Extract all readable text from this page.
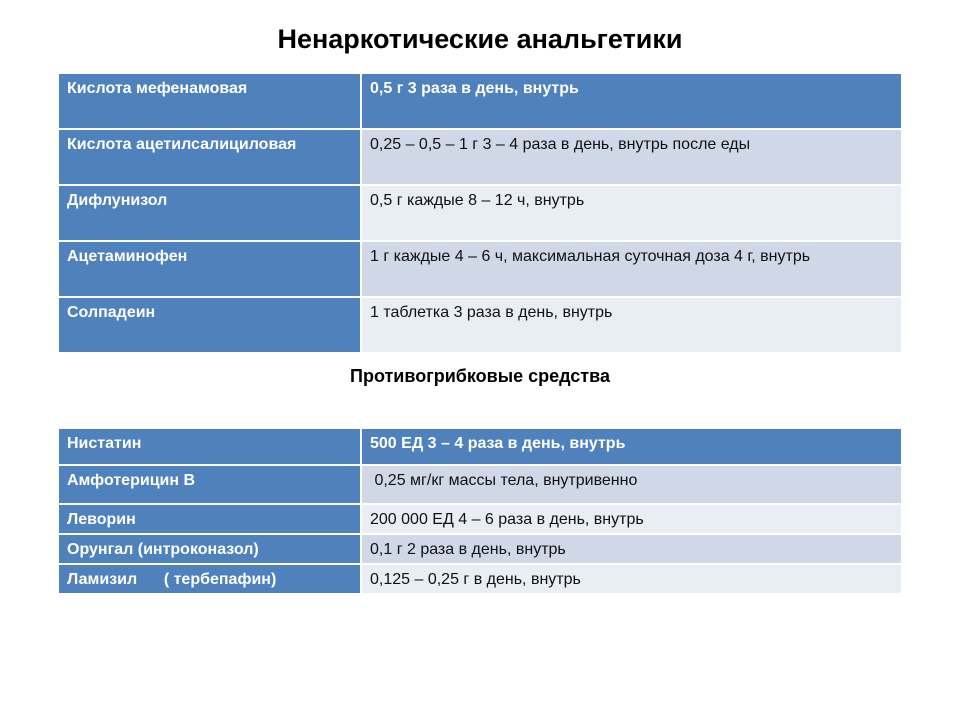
Ненаркотические анальгетики
Кислота мефенамовая	0,5 г 3 раза в день, внутрь
Кислота ацетилсалициловая	0,25 – 0,5 – 1 г 3 – 4 раза в день, внутрь после еды
Дифлунизол	0,5 г каждые 8 – 12 ч, внутрь
Ацетаминофен	1 г каждые 4 – 6 ч, максимальная суточная доза 4 г, внутрь
Солпадеин	1 таблетка 3 раза в день, внутрь
Противогрибковые средства
Нистатин	500 ЕД 3 – 4 раза в день, внутрь
Амфотерицин В	0,25 мг/кг массы тела, внутривенно
Леворин	200 000 ЕД 4 – 6 раза в день, внутрь
Орунгал (интроконазол)	0,1 г 2 раза в день, внутрь
Ламизил      ( тербепафин)	0,125 – 0,25 г в день, внутрь
